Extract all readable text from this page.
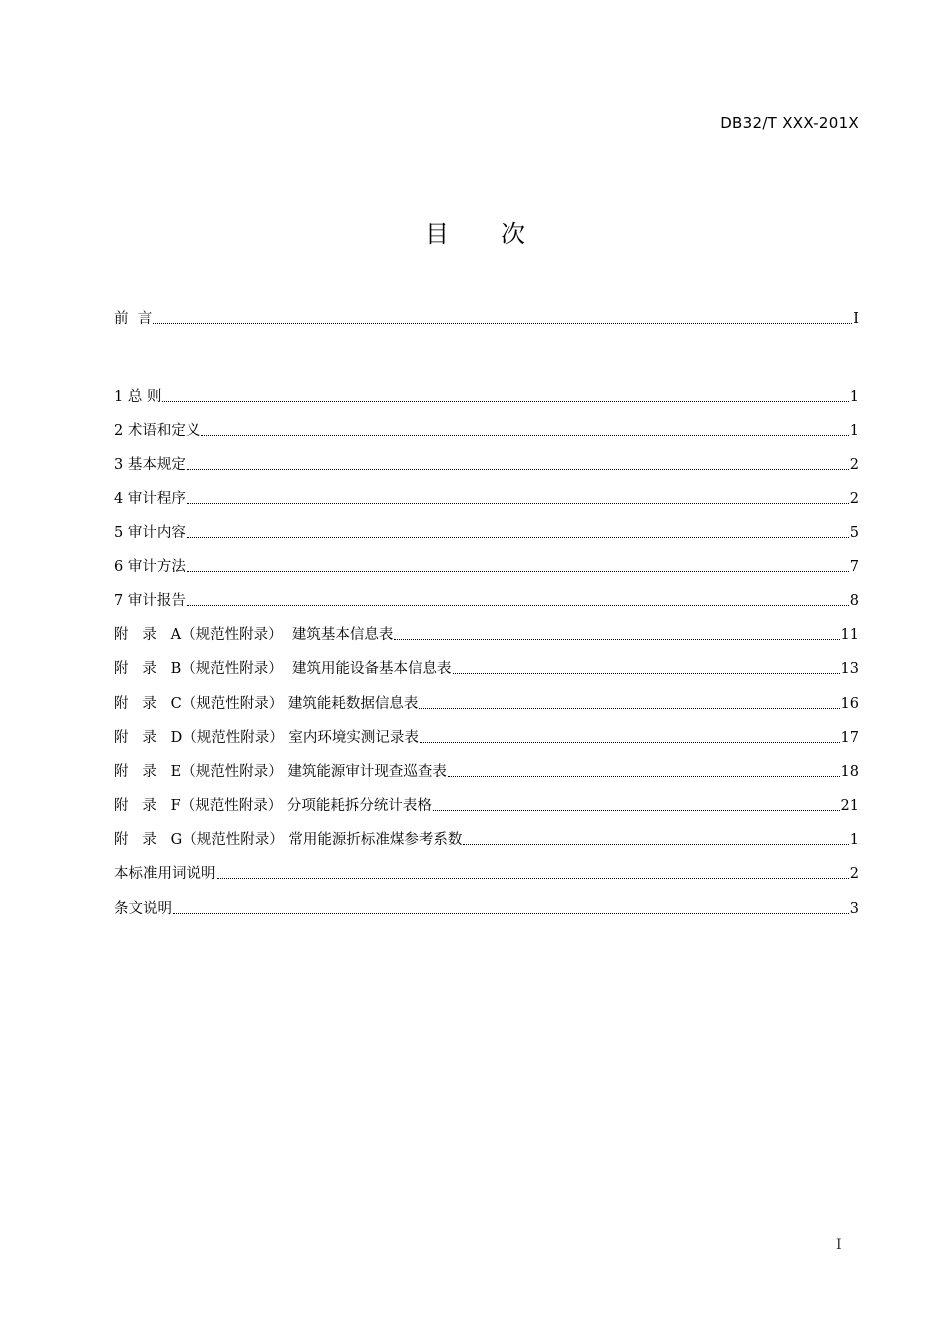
DB32/T XXX-201X
目 次
前  言	I
1 总 则	1
2 术语和定义	1
3 基本规定	2
4 审计程序	2
5 审计内容	5
6 审计方法	7
7 审计报告	8
附   录   A（规范性附录）  建筑基本信息表	11
附   录   B（规范性附录）  建筑用能设备基本信息表	13
附   录   C（规范性附录） 建筑能耗数据信息表	16
附   录   D（规范性附录） 室内环境实测记录表	17
附   录   E（规范性附录） 建筑能源审计现查巡查表	18
附   录   F（规范性附录） 分项能耗拆分统计表格	21
附   录   G（规范性附录） 常用能源折标准煤参考系数	1
本标准用词说明	2
条文说明	3
I
